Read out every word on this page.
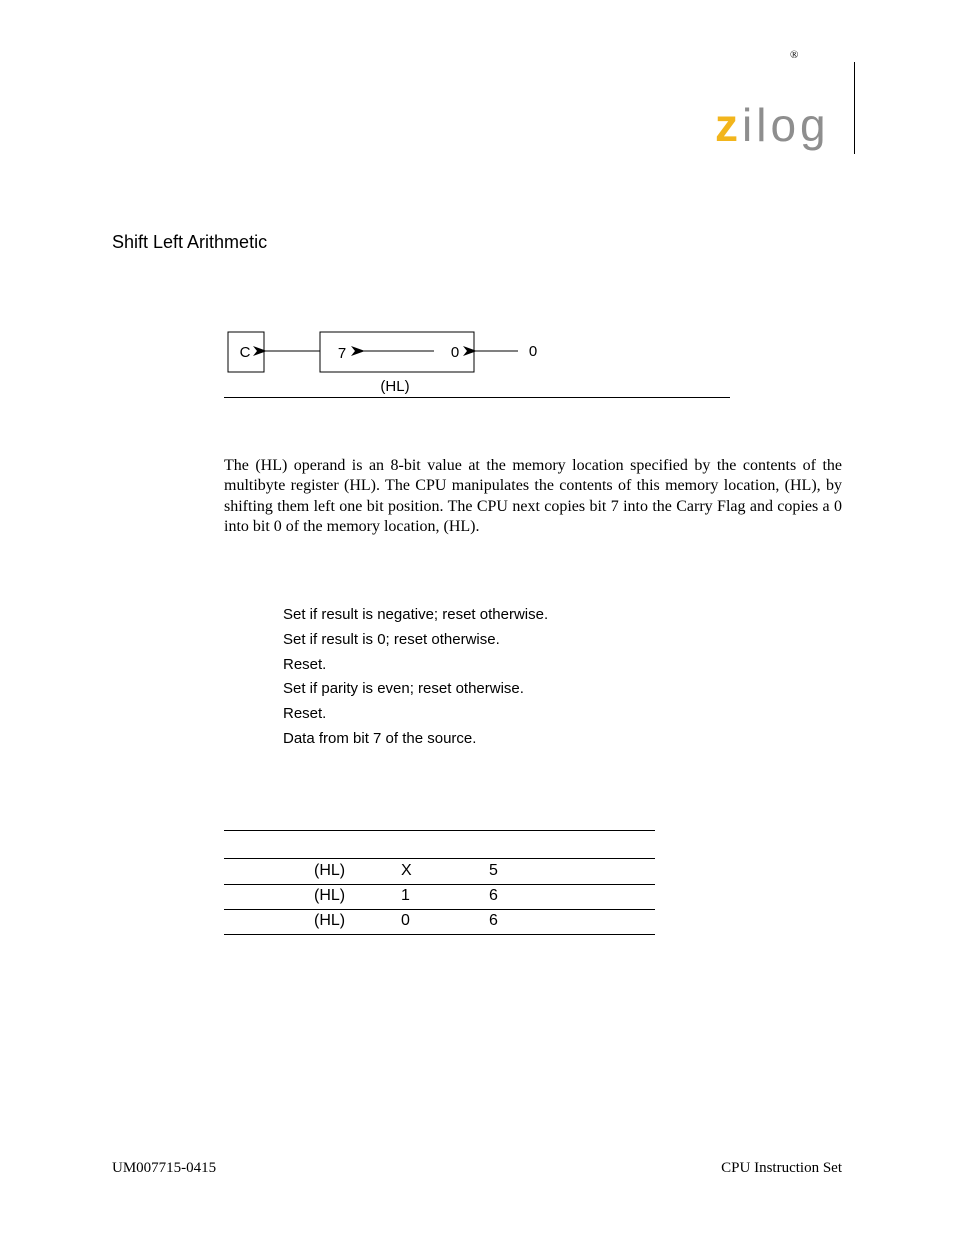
®
zilog
Shift Left Arithmetic
C	7	0	0
(HL)
The (HL) operand is an 8-bit value at the memory location specified by the contents of the multibyte register (HL). The CPU manipulates the contents of this memory location, (HL), by shifting them left one bit position. The CPU next copies bit 7 into the Carry Flag and copies a 0 into bit 0 of the memory location, (HL).
Set if result is negative; reset otherwise.
Set if result is 0; reset otherwise.
Reset.
Set if parity is even; reset otherwise.
Reset.
Data from bit 7 of the source.
(HL)	X	5
(HL)	1	6
(HL)	0	6
UM007715-0415	CPU Instruction Set
